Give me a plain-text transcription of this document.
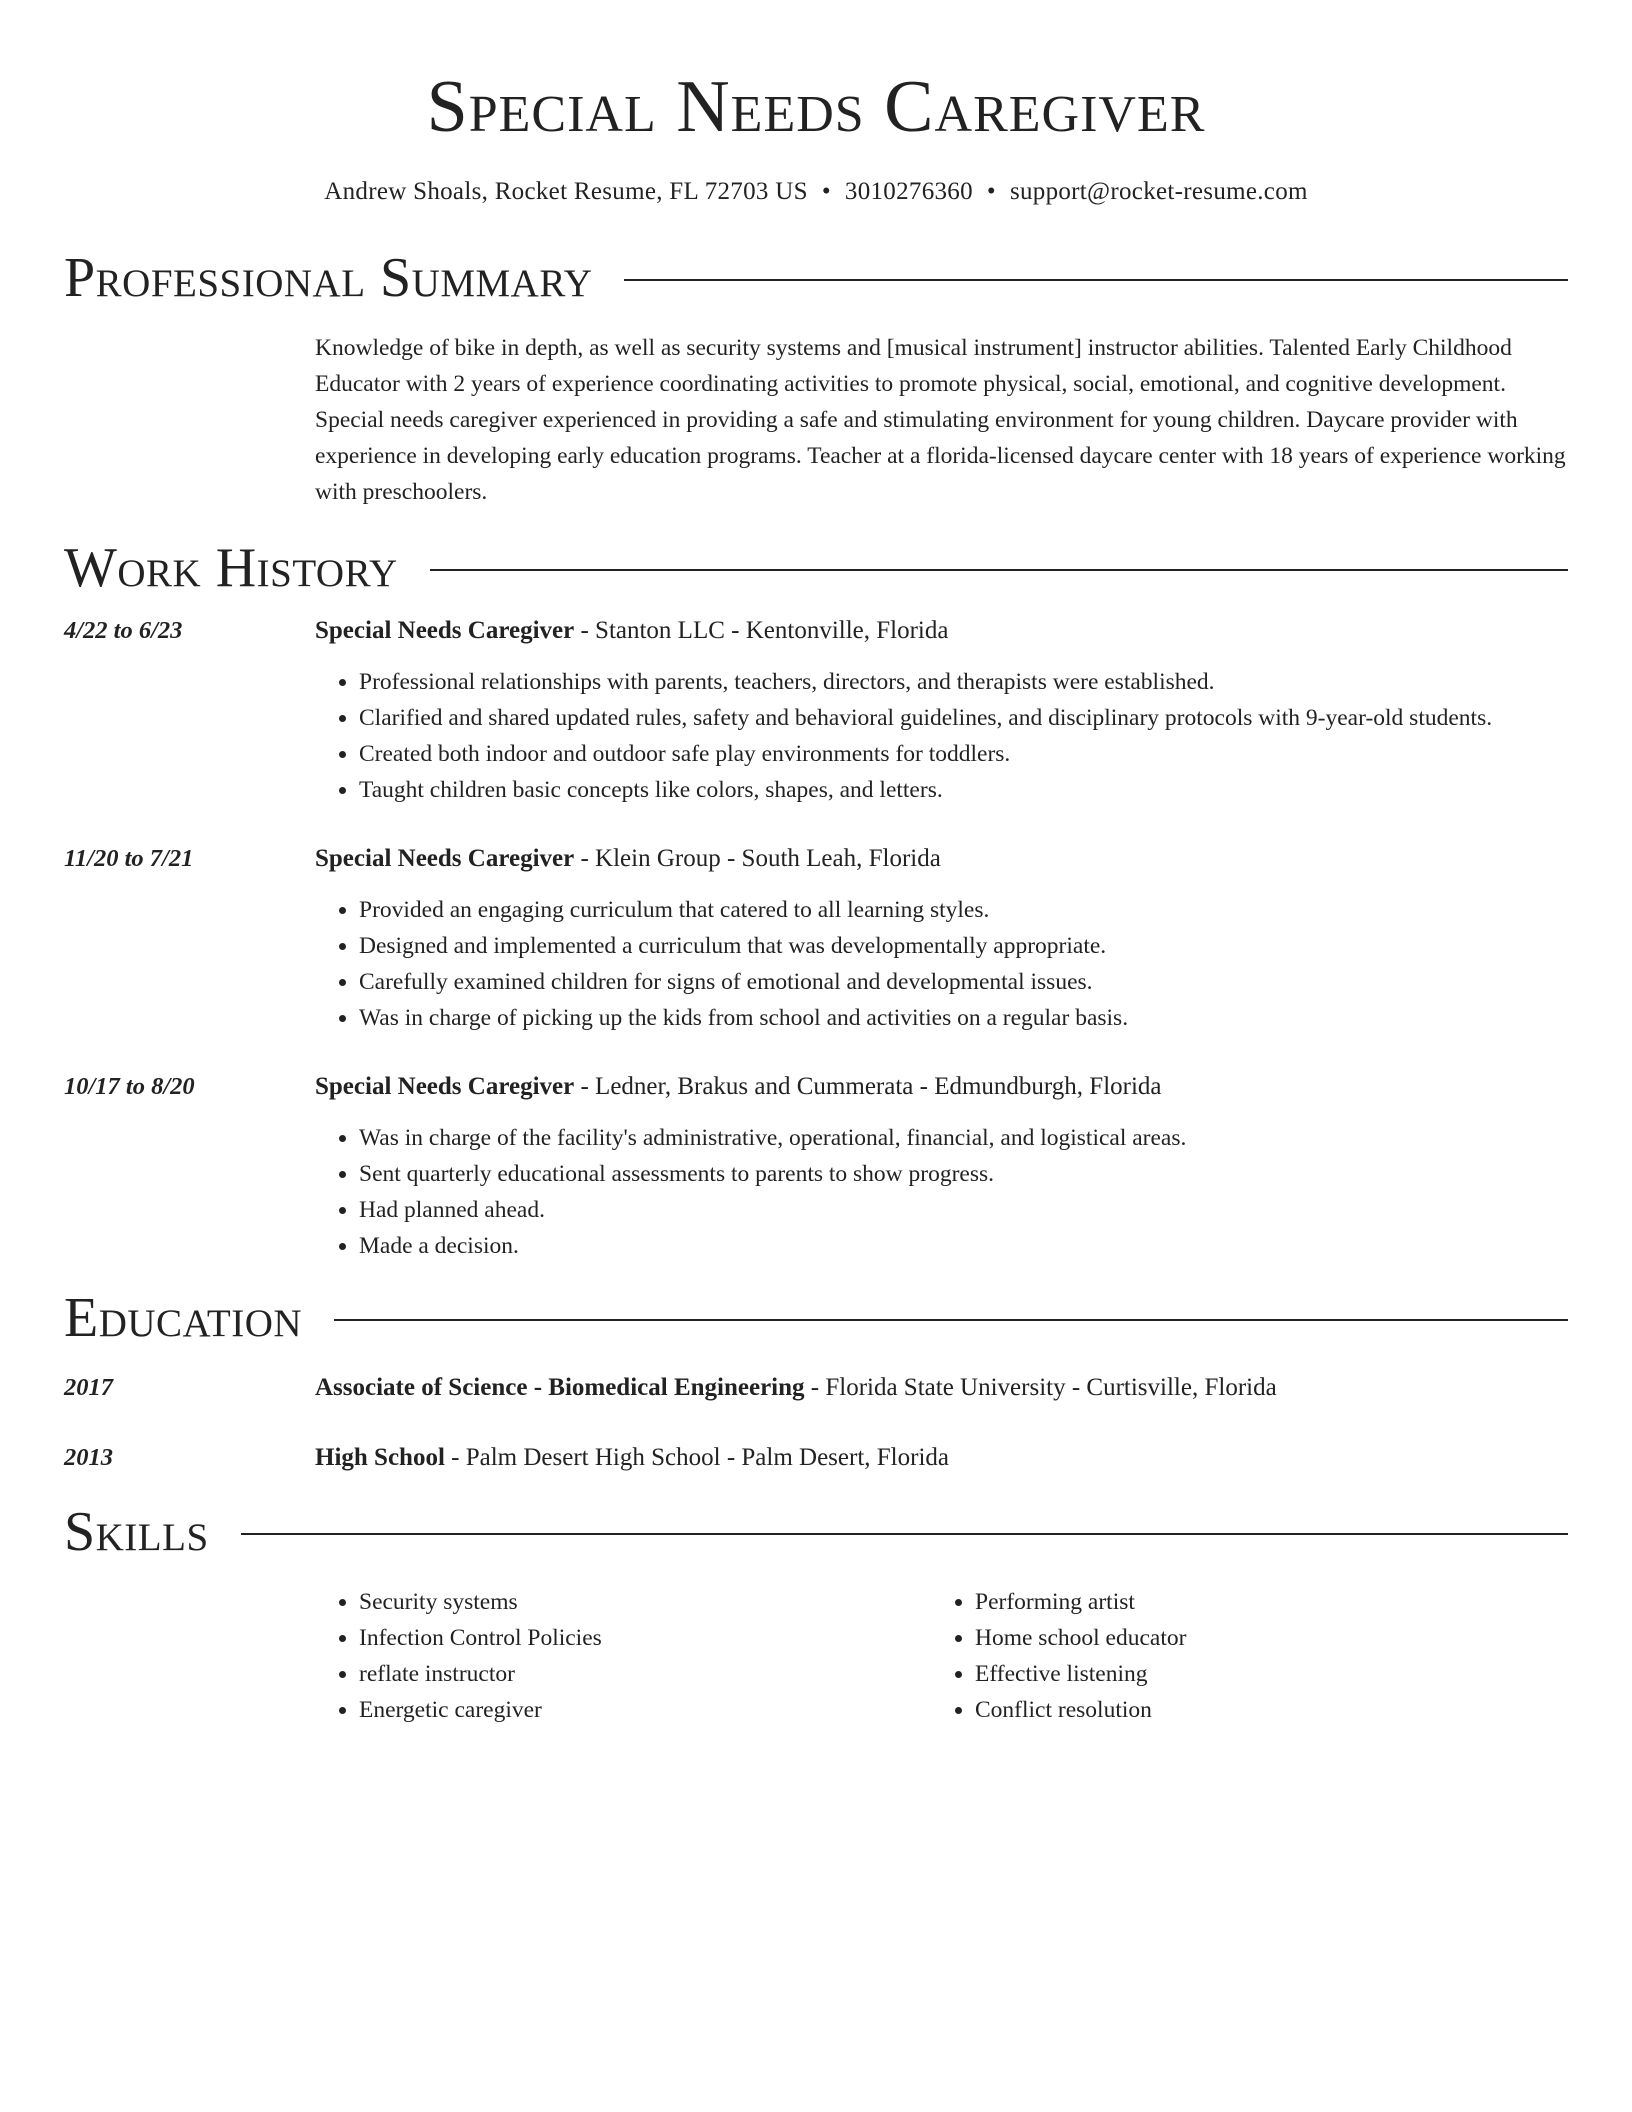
Special Needs Caregiver
Andrew Shoals, Rocket Resume, FL 72703 US • 3010276360 • support@rocket-resume.com
Professional Summary
Knowledge of bike in depth, as well as security systems and [musical instrument] instructor abilities. Talented Early Childhood Educator with 2 years of experience coordinating activities to promote physical, social, emotional, and cognitive development. Special needs caregiver experienced in providing a safe and stimulating environment for young children. Daycare provider with experience in developing early education programs. Teacher at a florida-licensed daycare center with 18 years of experience working with preschoolers.
Work History
4/22 to 6/23	Special Needs Caregiver - Stanton LLC - Kentonville, Florida
• Professional relationships with parents, teachers, directors, and therapists were established.
• Clarified and shared updated rules, safety and behavioral guidelines, and disciplinary protocols with 9-year-old students.
• Created both indoor and outdoor safe play environments for toddlers.
• Taught children basic concepts like colors, shapes, and letters.
11/20 to 7/21	Special Needs Caregiver - Klein Group - South Leah, Florida
• Provided an engaging curriculum that catered to all learning styles.
• Designed and implemented a curriculum that was developmentally appropriate.
• Carefully examined children for signs of emotional and developmental issues.
• Was in charge of picking up the kids from school and activities on a regular basis.
10/17 to 8/20	Special Needs Caregiver - Ledner, Brakus and Cummerata - Edmundburgh, Florida
• Was in charge of the facility's administrative, operational, financial, and logistical areas.
• Sent quarterly educational assessments to parents to show progress.
• Had planned ahead.
• Made a decision.
Education
2017	Associate of Science - Biomedical Engineering - Florida State University - Curtisville, Florida
2013	High School - Palm Desert High School - Palm Desert, Florida
Skills
• Security systems
• Infection Control Policies
• reflate instructor
• Energetic caregiver
• Performing artist
• Home school educator
• Effective listening
• Conflict resolution
